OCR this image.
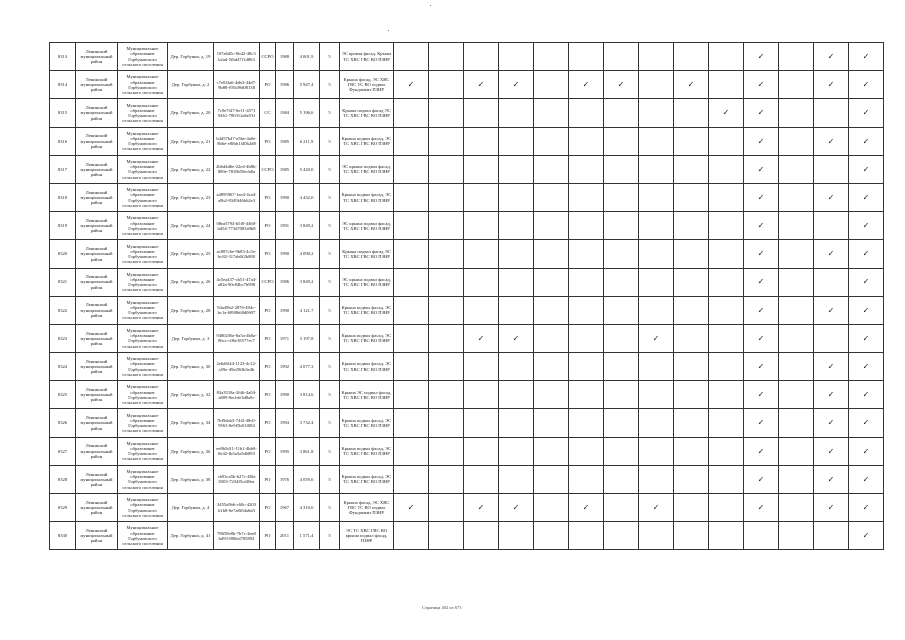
8313	Ленинский муниципальный район	Муниципальное образование Горбуновского сельского поселения	Дер. Горбунки, д. 19	0f7a6d5c-6b42-48c3 b2ad-5fbd47f1d863	ССРО	1988	4 001,9	5	ЭС кровля фасад, Крыша ТС ХВС ГВС ВО ПЗНР											✓		✓	✓
8314	Ленинский муниципальный район	Муниципальное образование Горбуновского сельского поселения	Дер. Горбунки, д. 2	c7e03fa6-4db3-44d7-9b88-f95fd9d08138	РО	1986	5 947,4	5	Крыша фасад, ЭС ХВС ГВС ТС ВО подвал Фундамент ПЗНР	✓		✓	✓		✓	✓		✓		✓		✓	✓
8315	Ленинский муниципальный район	Муниципальное образование Горбуновского сельского поселения	Дер. Горбунки, д. 20	7c9e7f47-6e11-4571 9461-780312a6e53f	СС	1984	5 196,6	5	Крыша подвал фасад ЭС ТС ХВС ГВС ВО ПЗНР										✓	✓			✓
8316	Ленинский муниципальный район	Муниципальное образование Горбуновского сельского поселения	Дер. Горбунки, д. 21	b4d57b47-e5be-4a0e-8b6e-e8fbb1f40b2d8	РО	1985	6 211,9	5	Крыша подвал фасад, ЭС ТС ХВС ГВС ВО ПЗНР											✓		✓	✓
8317	Ленинский муниципальный район	Муниципальное образование Горбуновского сельского поселения	Дер. Горбунки, д. 22	2b6d4d6e-22e4-4b8b-880e-7818b59ecb8a	ССРО	1985	5 420,0	5	ЭС крыша подвал фасад, ТС ХВС ГВС ВО ПЗНР											✓			✓
8318	Ленинский муниципальный район	Муниципальное образование Горбуновского сельского поселения	Дер. Горбунки, д. 23	a4895967-1ee4-4ca4-a9b2-8349f46b62e3	РО	1990	4 432,0	5	Крыша подвал фасад, ЭС ТС ХВС ГВС ВО ПЗНР											✓		✓	✓
8319	Ленинский муниципальный район	Муниципальное образование Горбуновского сельского поселения	Дер. Горбунки, д. 24	08ea5794-b5f0-4460-bd54-773d7083a9b8	РО	1991	3 849,2	5	ЭС крыша подвал фасад, ТС ХВС ГВС ВО ПЗНР											✓			✓
8320	Ленинский муниципальный район	Муниципальное образование Горбуновского сельского поселения	Дер. Горбунки, д. 25	ac887c6e-9b83-4c5e-bc82-317ab0f2b880	РО	1990	4 090,2	5	Крыша подвал фасад ЭС ТС ХВС ГВС ВО ПЗНР											✓		✓	✓
8321	Ленинский муниципальный район	Муниципальное образование Горбуновского сельского поселения	Дер. Горбунки, д. 26	4c5ea437-cb51-47a4-a82a-90c84bc7b998	ССРО	1986	3 849,2	5	ЭС крыша подвал фасад, ТС ХВС ГВС ВО ПЗНР											✓			✓
8322	Ленинский муниципальный район	Муниципальное образование Горбуновского сельского поселения	Дер. Горбунки, д. 28	94a49b2-2876-494c-bc1a-6890b68d0697	РО	1990	4 121,7	5	Крыша подвал фасад, ЭС ТС ХВС ГВС ВО ПЗНР											✓		✓	✓
8323	Ленинский муниципальный район	Муниципальное образование Горбуновского сельского поселения	Дер. Горбунки, д. 3	9480256e-8a5a-4b0a-86cc-c06e18577ec7	РО	1971	3 197,8	5	Крыша подвал фасад, ЭС ТС ХВС ГВС ВО ПЗНР			✓	✓				✓			✓			✓
8324	Ленинский муниципальный район	Муниципальное образование Горбуновского сельского поселения	Дер. Горбунки, д. 30	2e6d6f44-1123-4c12-a59e-49e29ffb3e4b	РО	1992	4 077,3	5	Крыша подвал фасад, ЭС ТС ХВС ГВС ВО ПЗНР											✓		✓	✓
8325	Ленинский муниципальный район	Муниципальное образование Горбуновского сельского поселения	Дер. Горбунки, д. 32	83a3518a-26fb-4a04-a809-8ecbfe3d8a9c	РО	1990	3 814,6	5	Крыша ЭС подвал фасад, ТС ХВС ГВС ВО ПЗНР											✓		✓	✓
8326	Ленинский муниципальный район	Муниципальное образование Горбуновского сельского поселения	Дер. Горбунки, д. 34	7bf9dab3-744f-48c0-9563-8e9f5b01f084	РО	1994	3 732,4	5	Крыша подвал фасад, ЭС ТС ХВС ГВС ВО ПЗНР											✓		✓	✓
8327	Ленинский муниципальный район	Муниципальное образование Горбуновского сельского поселения	Дер. Горбунки, д. 36	ee8b5d11-11b1-4bb9-8e42-fb3a5a5d6893	РО	1995	3 861,8	5	Крыша подвал фасад, ЭС ТС ХВС ГВС ВО ПЗНР											✓		✓	✓
8328	Ленинский муниципальный район	Муниципальное образование Горбуновского сельского поселения	Дер. Горбунки, д. 38	cb93ca5b-b27c-48fa 8303-7234f5cdf0ea	РО	1976	4 059,6	5	Крыша подвал фасад, ЭС ТС ХВС ГВС ВО ПЗНР											✓		✓	✓
8329	Ленинский муниципальный район	Муниципальное образование Горбуновского сельского поселения	Дер. Горбунки, д. 4	3455a9b6-c60c-4203 b1b8-6e7a8f64a6d3	РО	1967	4 310,6	5	Крыша фасад, ЭС ХВС ГВС ТС ВО подвал Фундамент ПЗНР	✓		✓	✓		✓		✓			✓		✓	✓
8330	Ленинский муниципальный район	Муниципальное образование Горбуновского сельского поселения	Дер. Горбунки, д. 41	78658e8b-7b7c-4ea0 bd93-880ed785892	РО	2011	1 571,4	5	ЭС ТС ХВС ГВС ВО крыша подвал фасад, ПЗНР														✓
Страница 402 из 673
